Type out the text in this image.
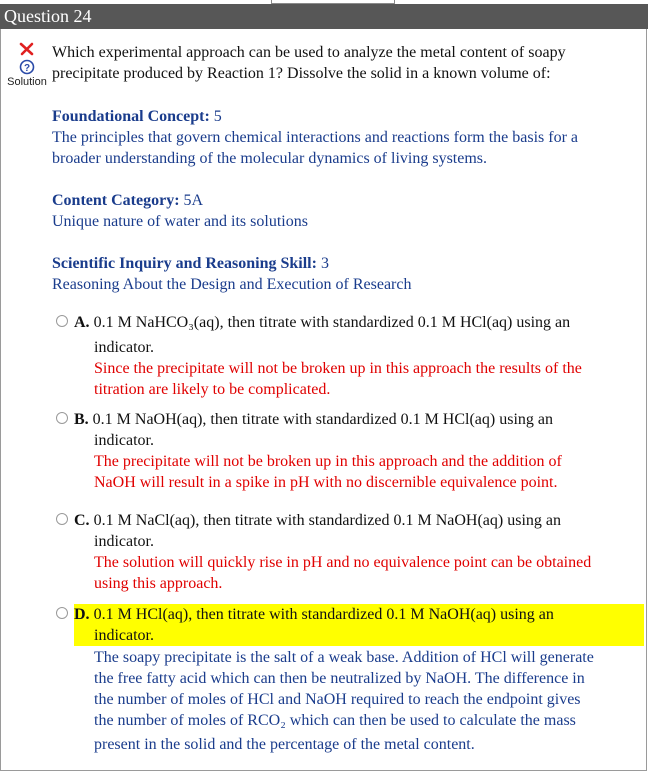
Question 24
?
Solution
Which experimental approach can be used to analyze the metal content of soapy
precipitate produced by Reaction 1? Dissolve the solid in a known volume of:
Foundational Concept: 5
The principles that govern chemical interactions and reactions form the basis for a
broader understanding of the molecular dynamics of living systems.
Content Category: 5A
Unique nature of water and its solutions
Scientific Inquiry and Reasoning Skill: 3
Reasoning About the Design and Execution of Research
A. 0.1 M NaHCO₃(aq), then titrate with standardized 0.1 M HCl(aq) using an
indicator.
Since the precipitate will not be broken up in this approach the results of the
titration are likely to be complicated.
B. 0.1 M NaOH(aq), then titrate with standardized 0.1 M HCl(aq) using an
indicator.
The precipitate will not be broken up in this approach and the addition of
NaOH will result in a spike in pH with no discernible equivalence point.
C. 0.1 M NaCl(aq), then titrate with standardized 0.1 M NaOH(aq) using an
indicator.
The solution will quickly rise in pH and no equivalence point can be obtained
using this approach.
D. 0.1 M HCl(aq), then titrate with standardized 0.1 M NaOH(aq) using an
indicator.
The soapy precipitate is the salt of a weak base. Addition of HCl will generate
the free fatty acid which can then be neutralized by NaOH. The difference in
the number of moles of HCl and NaOH required to reach the endpoint gives
the number of moles of RCO₂ which can then be used to calculate the mass
present in the solid and the percentage of the metal content.
